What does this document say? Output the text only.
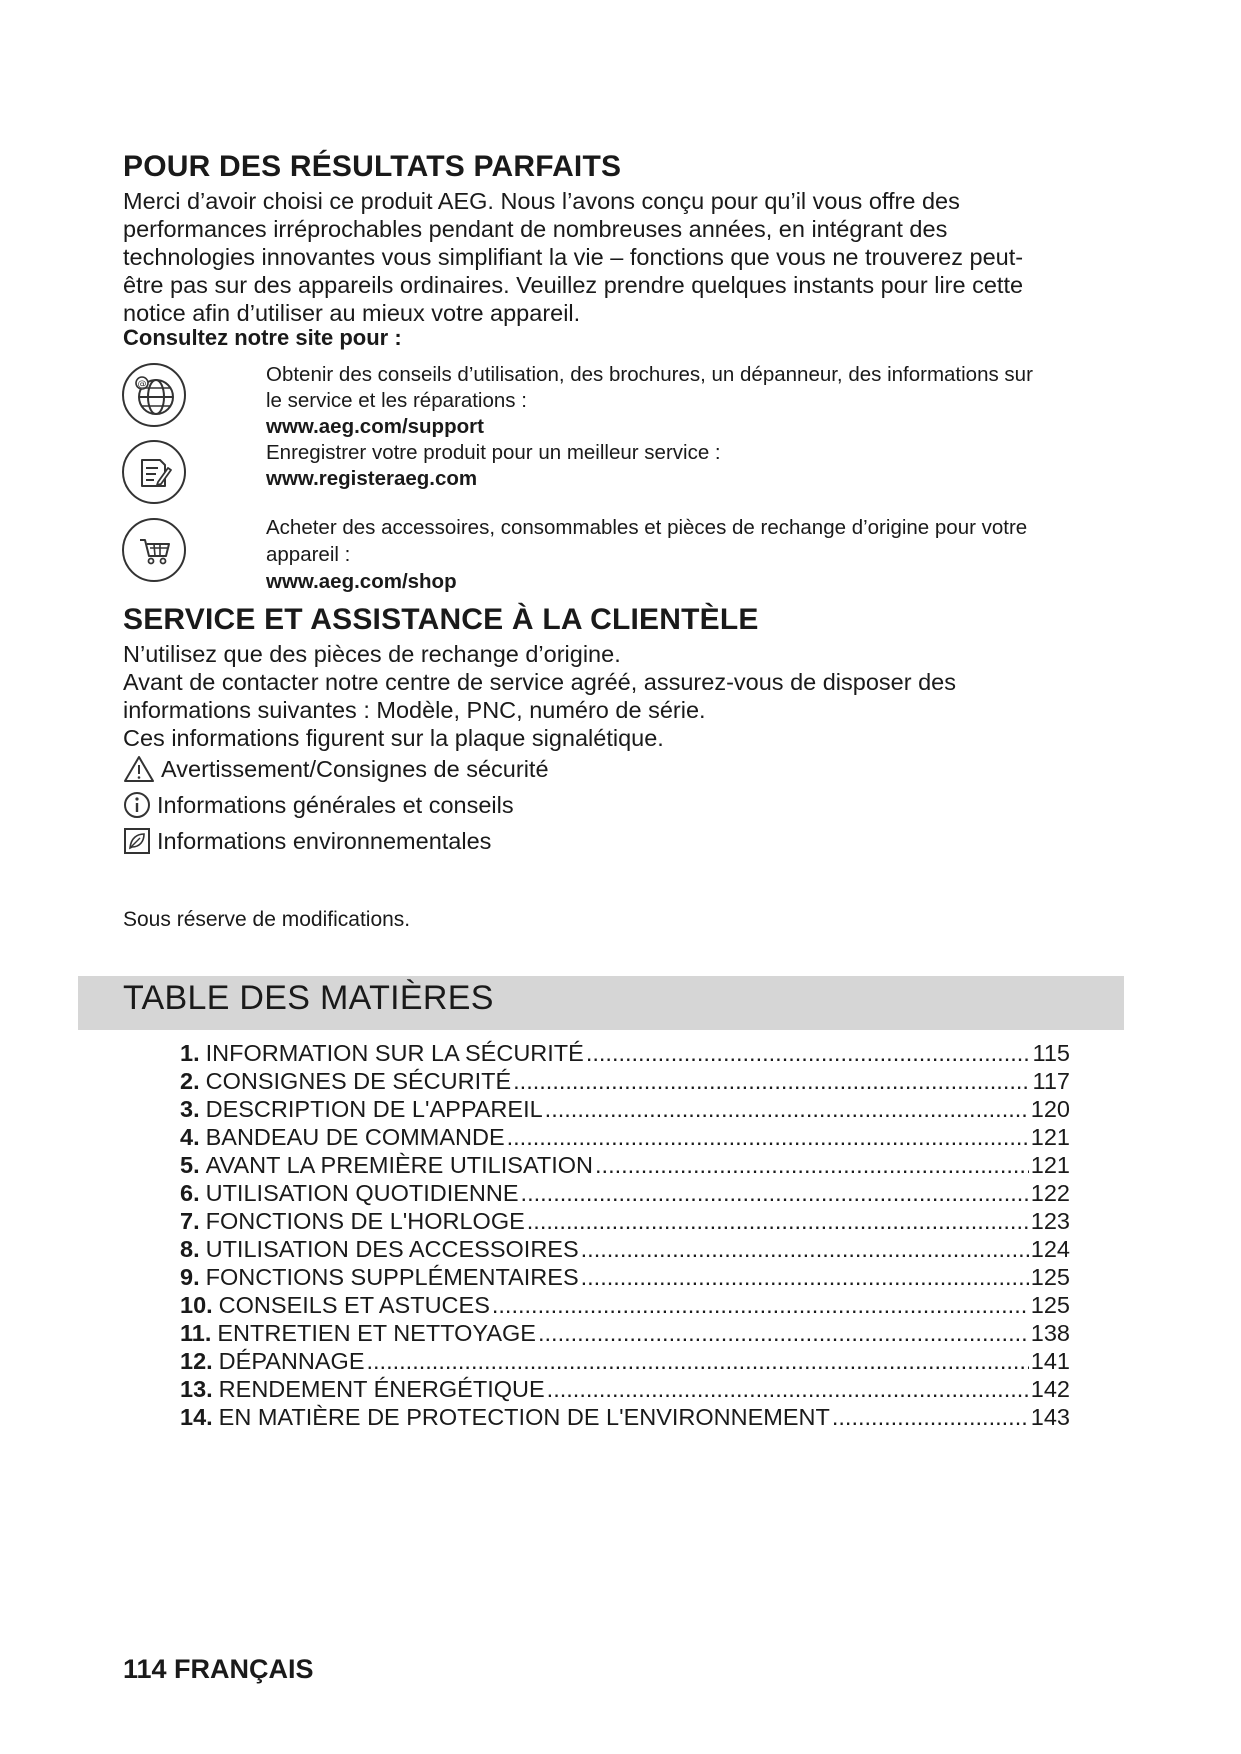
POUR DES RÉSULTATS PARFAITS
Merci d’avoir choisi ce produit AEG. Nous l’avons conçu pour qu’il vous offre des
performances irréprochables pendant de nombreuses années, en intégrant des
technologies innovantes vous simplifiant la vie – fonctions que vous ne trouverez peut-
être pas sur des appareils ordinaires. Veuillez prendre quelques instants pour lire cette
notice afin d’utiliser au mieux votre appareil.
Consultez notre site pour :
@	Obtenir des conseils d’utilisation, des brochures, un dépanneur, des informations sur
le service et les réparations :
www.aeg.com/support
Enregistrer votre produit pour un meilleur service :
www.registeraeg.com
Acheter des accessoires, consommables et pièces de rechange d’origine pour votre
appareil :
www.aeg.com/shop
SERVICE ET ASSISTANCE À LA CLIENTÈLE
N’utilisez que des pièces de rechange d’origine.
Avant de contacter notre centre de service agréé, assurez-vous de disposer des
informations suivantes : Modèle, PNC, numéro de série.
Ces informations figurent sur la plaque signalétique.
Avertissement/Consignes de sécurité
Informations générales et conseils
Informations environnementales
Sous réserve de modifications.
TABLE DES MATIÈRES
1. INFORMATION SUR LA SÉCURITÉ .....	115
2. CONSIGNES DE SÉCURITÉ .....	117
3. DESCRIPTION DE L'APPAREIL .....	120
4. BANDEAU DE COMMANDE .....	121
5. AVANT LA PREMIÈRE UTILISATION .....	121
6. UTILISATION QUOTIDIENNE .....	122
7. FONCTIONS DE L'HORLOGE .....	123
8. UTILISATION DES ACCESSOIRES .....	124
9. FONCTIONS SUPPLÉMENTAIRES .....	125
10. CONSEILS ET ASTUCES .....	125
11. ENTRETIEN ET NETTOYAGE .....	138
12. DÉPANNAGE .....	141
13. RENDEMENT ÉNERGÉTIQUE .....	142
14. EN MATIÈRE DE PROTECTION DE L'ENVIRONNEMENT .....	143
114 FRANÇAIS
